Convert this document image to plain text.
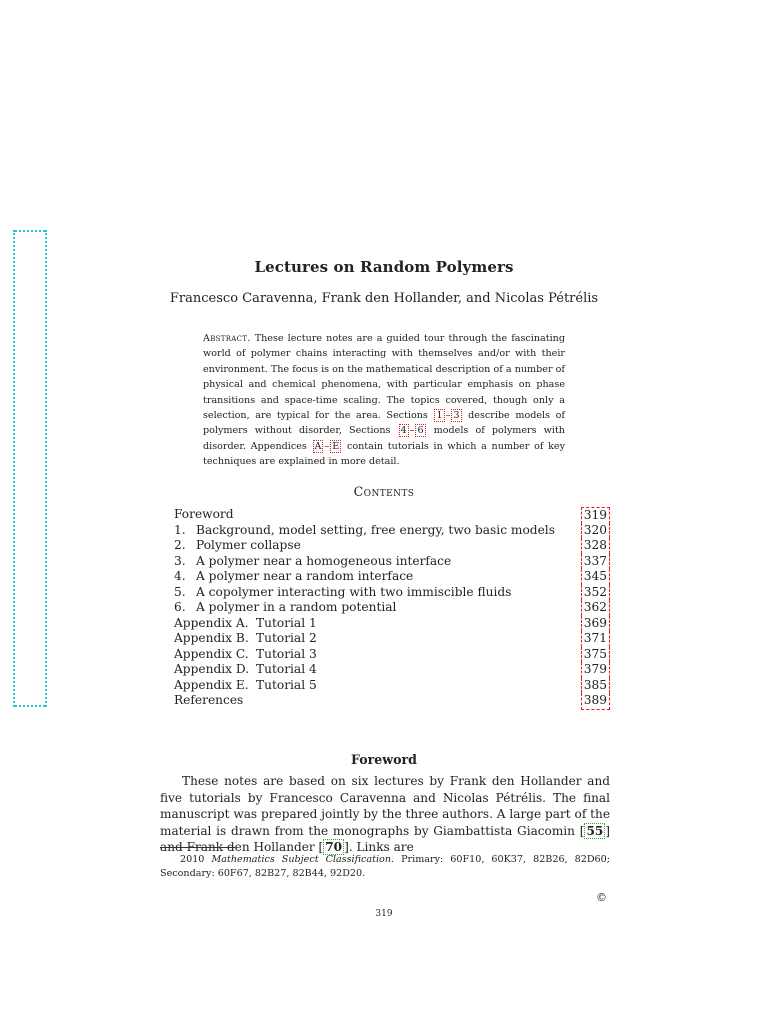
Lectures on Random Polymers
Francesco Caravenna, Frank den Hollander, and Nicolas Pétrélis
Abstract. These lecture notes are a guided tour through the fascinating world of polymer chains interacting with themselves and/or with their environment. The focus is on the mathematical description of a number of physical and chemical phenomena, with particular emphasis on phase transitions and space-time scaling. The topics covered, though only a selection, are typical for the area. Sections 1 – 3 describe models of polymers without disorder, Sections 4 – 6 models of polymers with disorder. Appendices A – E contain tutorials in which a number of key techniques are explained in more detail.
Contents
Foreword	319
1. Background, model setting, free energy, two basic models 320
2. Polymer collapse	328
3. A polymer near a homogeneous interface	337
4. A polymer near a random interface	345
5. A copolymer interacting with two immiscible fluids	352
6. A polymer in a random potential	362
Appendix A. Tutorial 1	369
Appendix B. Tutorial 2	371
Appendix C. Tutorial 3	375
Appendix D. Tutorial 4	379
Appendix E. Tutorial 5	385
References	389
Foreword

These notes are based on six lectures by Frank den Hollander and five tutorials by Francesco Caravenna and Nicolas Pétrélis. The final manuscript was prepared jointly by the three authors. A large part of the material is drawn from the monographs by Giambattista Giacomin [ 55 ] and Frank den Hollander [ 70 ]. Links are

2010 Mathematics Subject Classification. Primary: 60F10, 60K37, 82B26, 82D60; Secondary: 60F67, 82B27, 82B44, 92D20.
©
319
